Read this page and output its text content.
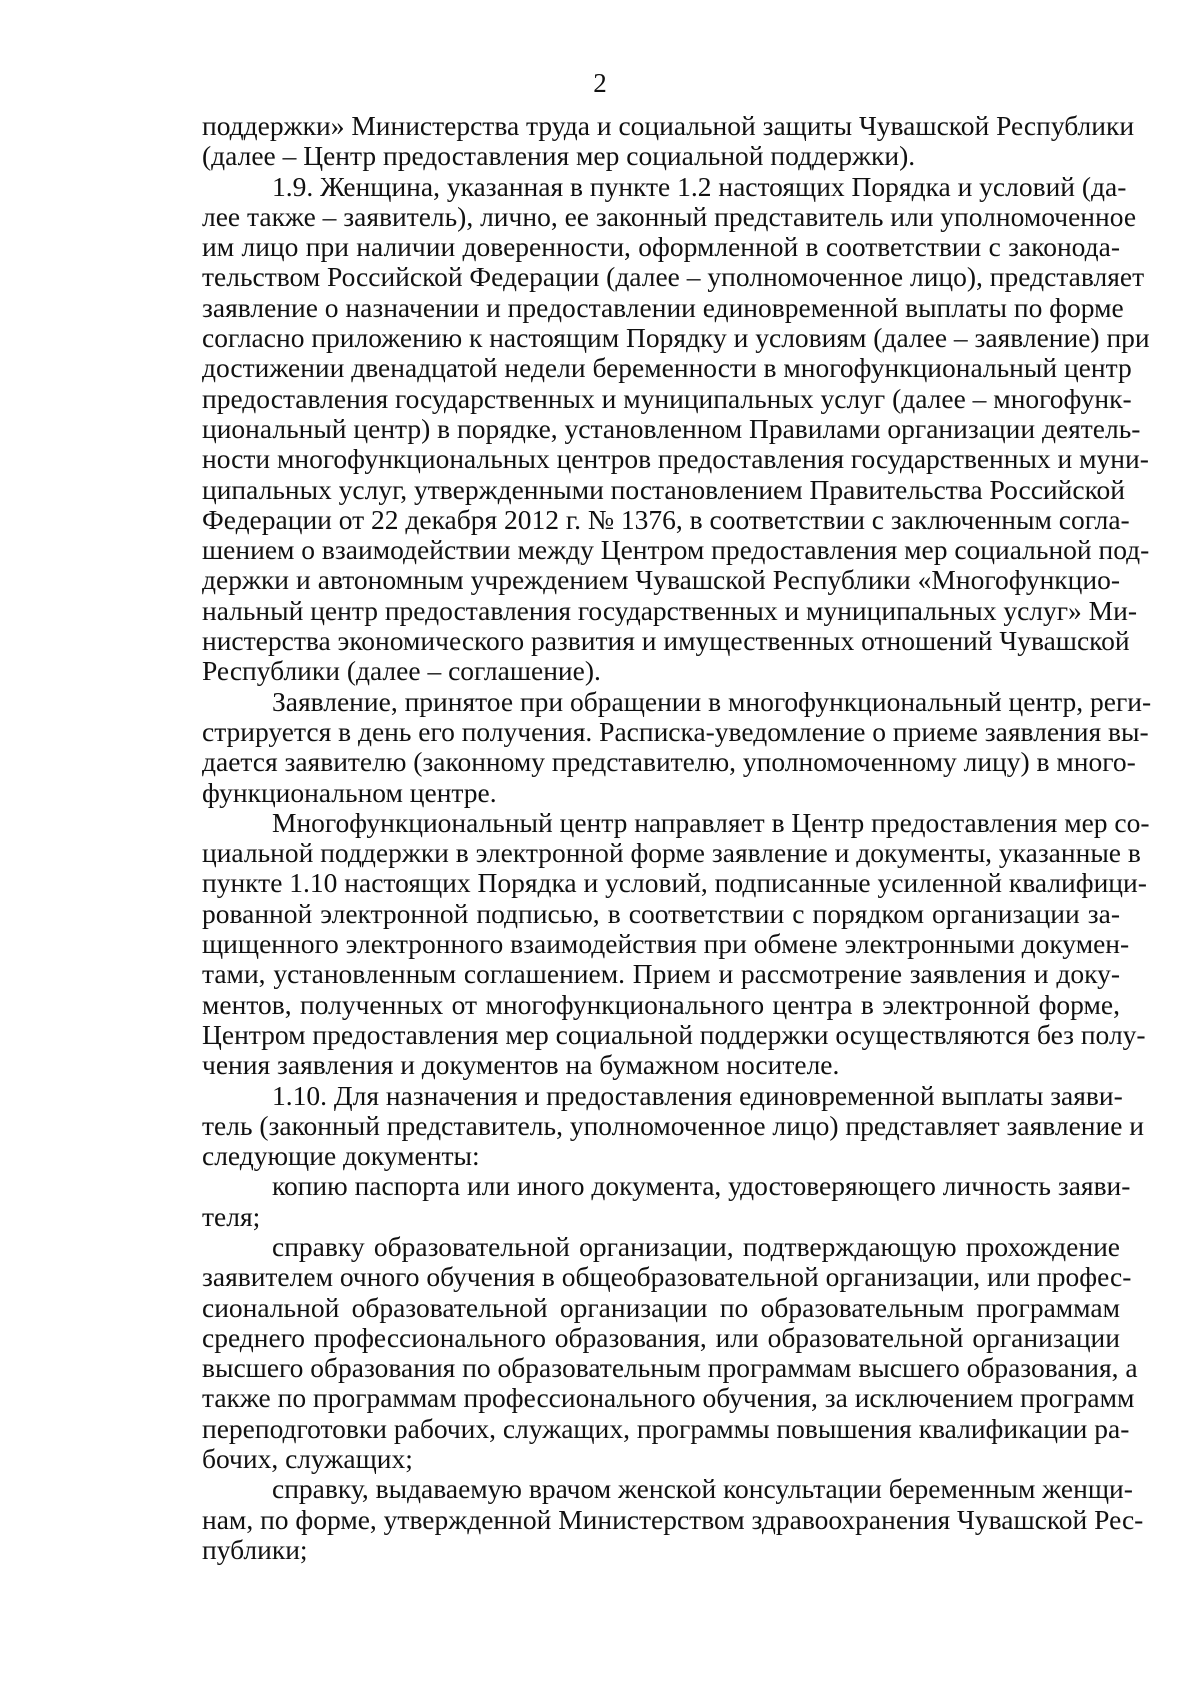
2

поддержки» Министерства труда и социальной защиты Чувашской Республики
(далее – Центр предоставления мер социальной поддержки).

1.9. Женщина, указанная в пункте 1.2 настоящих Порядка и условий (да-
лее также – заявитель), лично, ее законный представитель или уполномоченное
им лицо при наличии доверенности, оформленной в соответствии с законода-
тельством Российской Федерации (далее – уполномоченное лицо), представляет
заявление о назначении и предоставлении единовременной выплаты по форме
согласно приложению к настоящим Порядку и условиям (далее – заявление) при
достижении двенадцатой недели беременности в многофункциональный центр
предоставления государственных и муниципальных услуг (далее – многофунк-
циональный центр) в порядке, установленном Правилами организации деятель-
ности многофункциональных центров предоставления государственных и муни-
ципальных услуг, утвержденными постановлением Правительства Российской
Федерации от 22 декабря 2012 г. № 1376, в соответствии с заключенным согла-
шением о взаимодействии между Центром предоставления мер социальной под-
держки и автономным учреждением Чувашской Республики «Многофункцио-
нальный центр предоставления государственных и муниципальных услуг» Ми-
нистерства экономического развития и имущественных отношений Чувашской
Республики (далее – соглашение).

Заявление, принятое при обращении в многофункциональный центр, реги-
стрируется в день его получения. Расписка-уведомление о приеме заявления вы-
дается заявителю (законному представителю, уполномоченному лицу) в много-
функциональном центре.

Многофункциональный центр направляет в Центр предоставления мер со-
циальной поддержки в электронной форме заявление и документы, указанные в
пункте 1.10 настоящих Порядка и условий, подписанные усиленной квалифици-
рованной электронной подписью, в соответствии с порядком организации за-
щищенного электронного взаимодействия при обмене электронными докумен-
тами, установленным соглашением. Прием и рассмотрение заявления и доку-
ментов, полученных от многофункционального центра в электронной форме,
Центром предоставления мер социальной поддержки осуществляются без полу-
чения заявления и документов на бумажном носителе.

1.10. Для назначения и предоставления единовременной выплаты заяви-
тель (законный представитель, уполномоченное лицо) представляет заявление и
следующие документы:

копию паспорта или иного документа, удостоверяющего личность заяви-
теля;

справку образовательной организации, подтверждающую прохождение
заявителем очного обучения в общеобразовательной организации, или профес-
сиональной образовательной организации по образовательным программам
среднего профессионального образования, или образовательной организации
высшего образования по образовательным программам высшего образования, а
также по программам профессионального обучения, за исключением программ
переподготовки рабочих, служащих, программы повышения квалификации ра-
бочих, служащих;

справку, выдаваемую врачом женской консультации беременным женщи-
нам, по форме, утвержденной Министерством здравоохранения Чувашской Рес-
публики;
